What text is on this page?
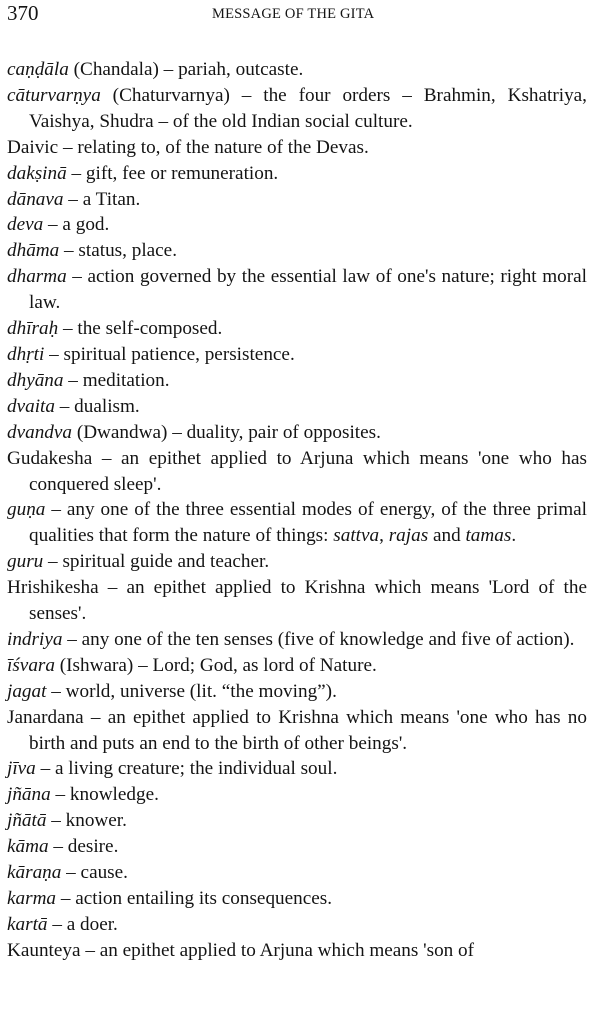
370	MESSAGE OF THE GITA
caṇḍāla (Chandala) – pariah, outcaste.
cāturvarṇya (Chaturvarnya) – the four orders – Brahmin, Kshatriya, Vaishya, Shudra – of the old Indian social culture.
Daivic – relating to, of the nature of the Devas.
dakṣinā – gift, fee or remuneration.
dānava – a Titan.
deva – a god.
dhāma – status, place.
dharma – action governed by the essential law of one's nature; right moral law.
dhīraḥ – the self-composed.
dhṛti – spiritual patience, persistence.
dhyāna – meditation.
dvaita – dualism.
dvandva (Dwandwa) – duality, pair of opposites.
Gudakesha – an epithet applied to Arjuna which means 'one who has conquered sleep'.
guṇa – any one of the three essential modes of energy, of the three primal qualities that form the nature of things: sattva, rajas and tamas.
guru – spiritual guide and teacher.
Hrishikesha – an epithet applied to Krishna which means 'Lord of the senses'.
indriya – any one of the ten senses (five of knowledge and five of action).
īśvara (Ishwara) – Lord; God, as lord of Nature.
jagat – world, universe (lit. “the moving”).
Janardana – an epithet applied to Krishna which means 'one who has no birth and puts an end to the birth of other beings'.
jīva – a living creature; the individual soul.
jñāna – knowledge.
jñātā – knower.
kāma – desire.
kāraṇa – cause.
karma – action entailing its consequences.
kartā – a doer.
Kaunteya – an epithet applied to Arjuna which means 'son of
